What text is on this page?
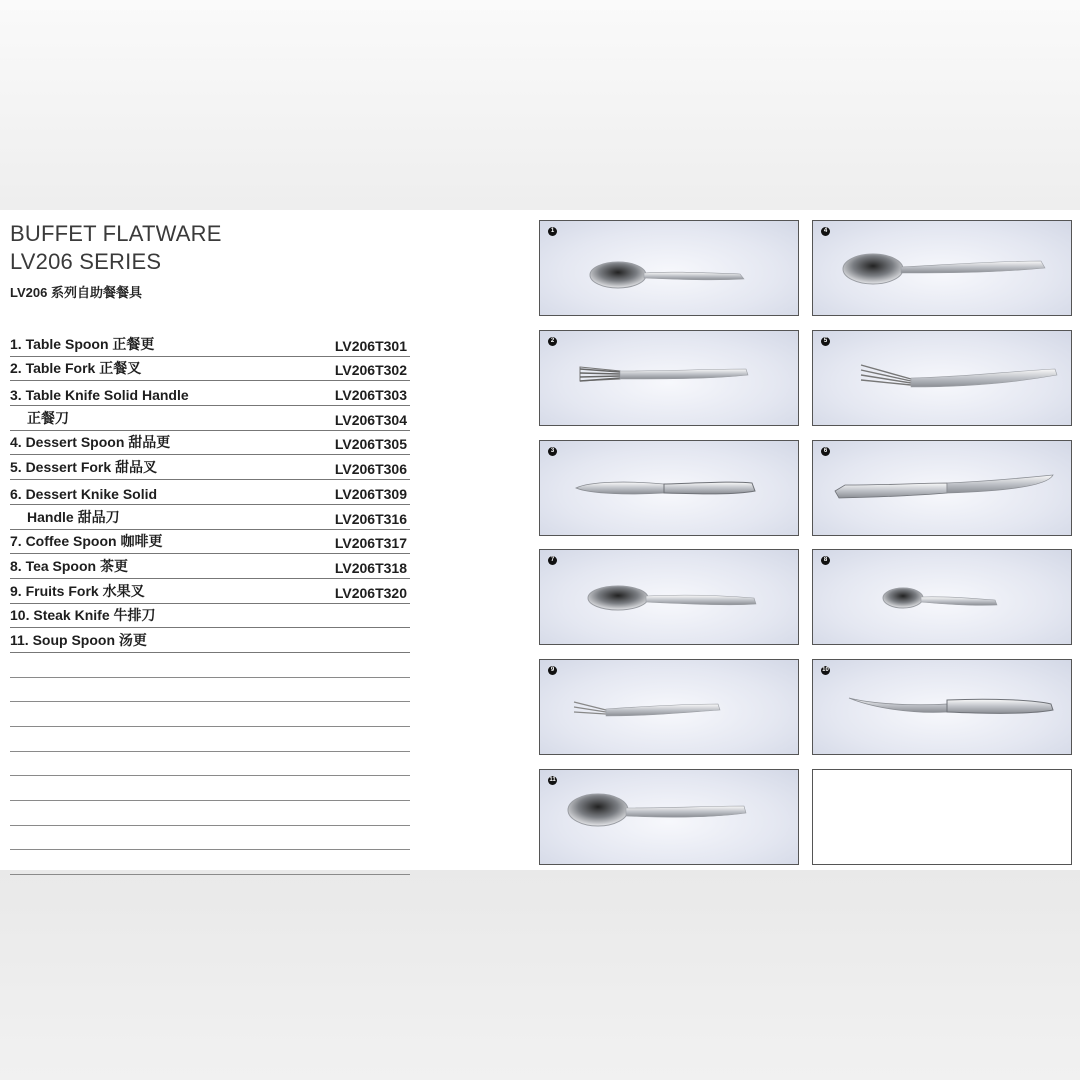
BUFFET FLATWARE
LV206 SERIES
LV206 系列自助餐餐具
1. Table Spoon 正餐更	LV206T301
2. Table Fork 正餐叉	LV206T302
3. Table Knife Solid Handle	LV206T303
正餐刀	LV206T304
4. Dessert Spoon 甜品更	LV206T305
5. Dessert Fork 甜品叉	LV206T306
6. Dessert Knike Solid	LV206T309
Handle 甜品刀	LV206T316
7. Coffee Spoon 咖啡更	LV206T317
8. Tea Spoon 茶更	LV206T318
9. Fruits Fork 水果叉	LV206T320
10. Steak Knife 牛排刀
11. Soup Spoon 汤更
1	4
2	5
3	6
7	8
9	10
11
